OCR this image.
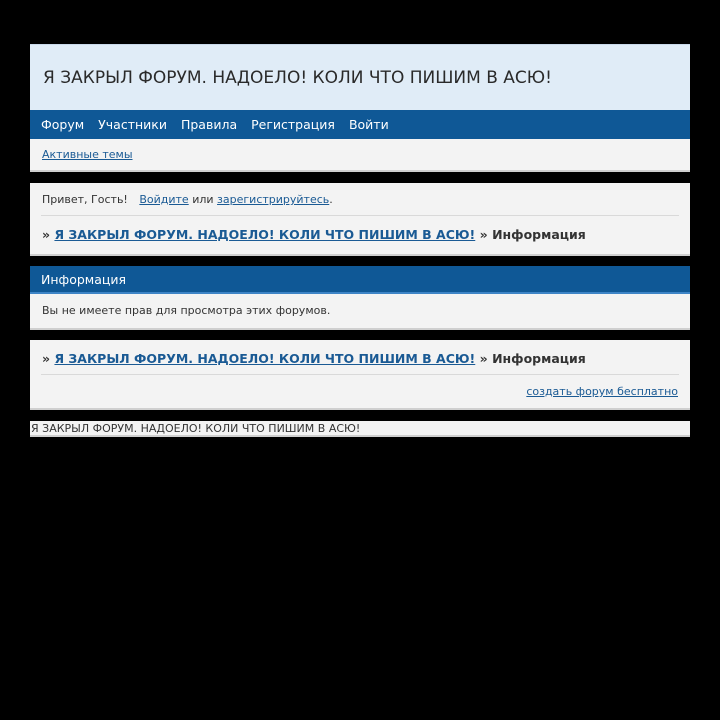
Я ЗАКРЫЛ ФОРУМ. НАДОЕЛО! КОЛИ ЧТО ПИШИМ В АСЮ!
Форум	Участники	Правила	Регистрация	Войти
Активные темы
Привет, Гость! Войдите или зарегистрируйтесь.
» Я ЗАКРЫЛ ФОРУМ. НАДОЕЛО! КОЛИ ЧТО ПИШИМ В АСЮ! » Информация
Информация
Вы не имеете прав для просмотра этих форумов.
» Я ЗАКРЫЛ ФОРУМ. НАДОЕЛО! КОЛИ ЧТО ПИШИМ В АСЮ! » Информация
создать форум бесплатно
Я ЗАКРЫЛ ФОРУМ. НАДОЕЛО! КОЛИ ЧТО ПИШИМ В АСЮ!
